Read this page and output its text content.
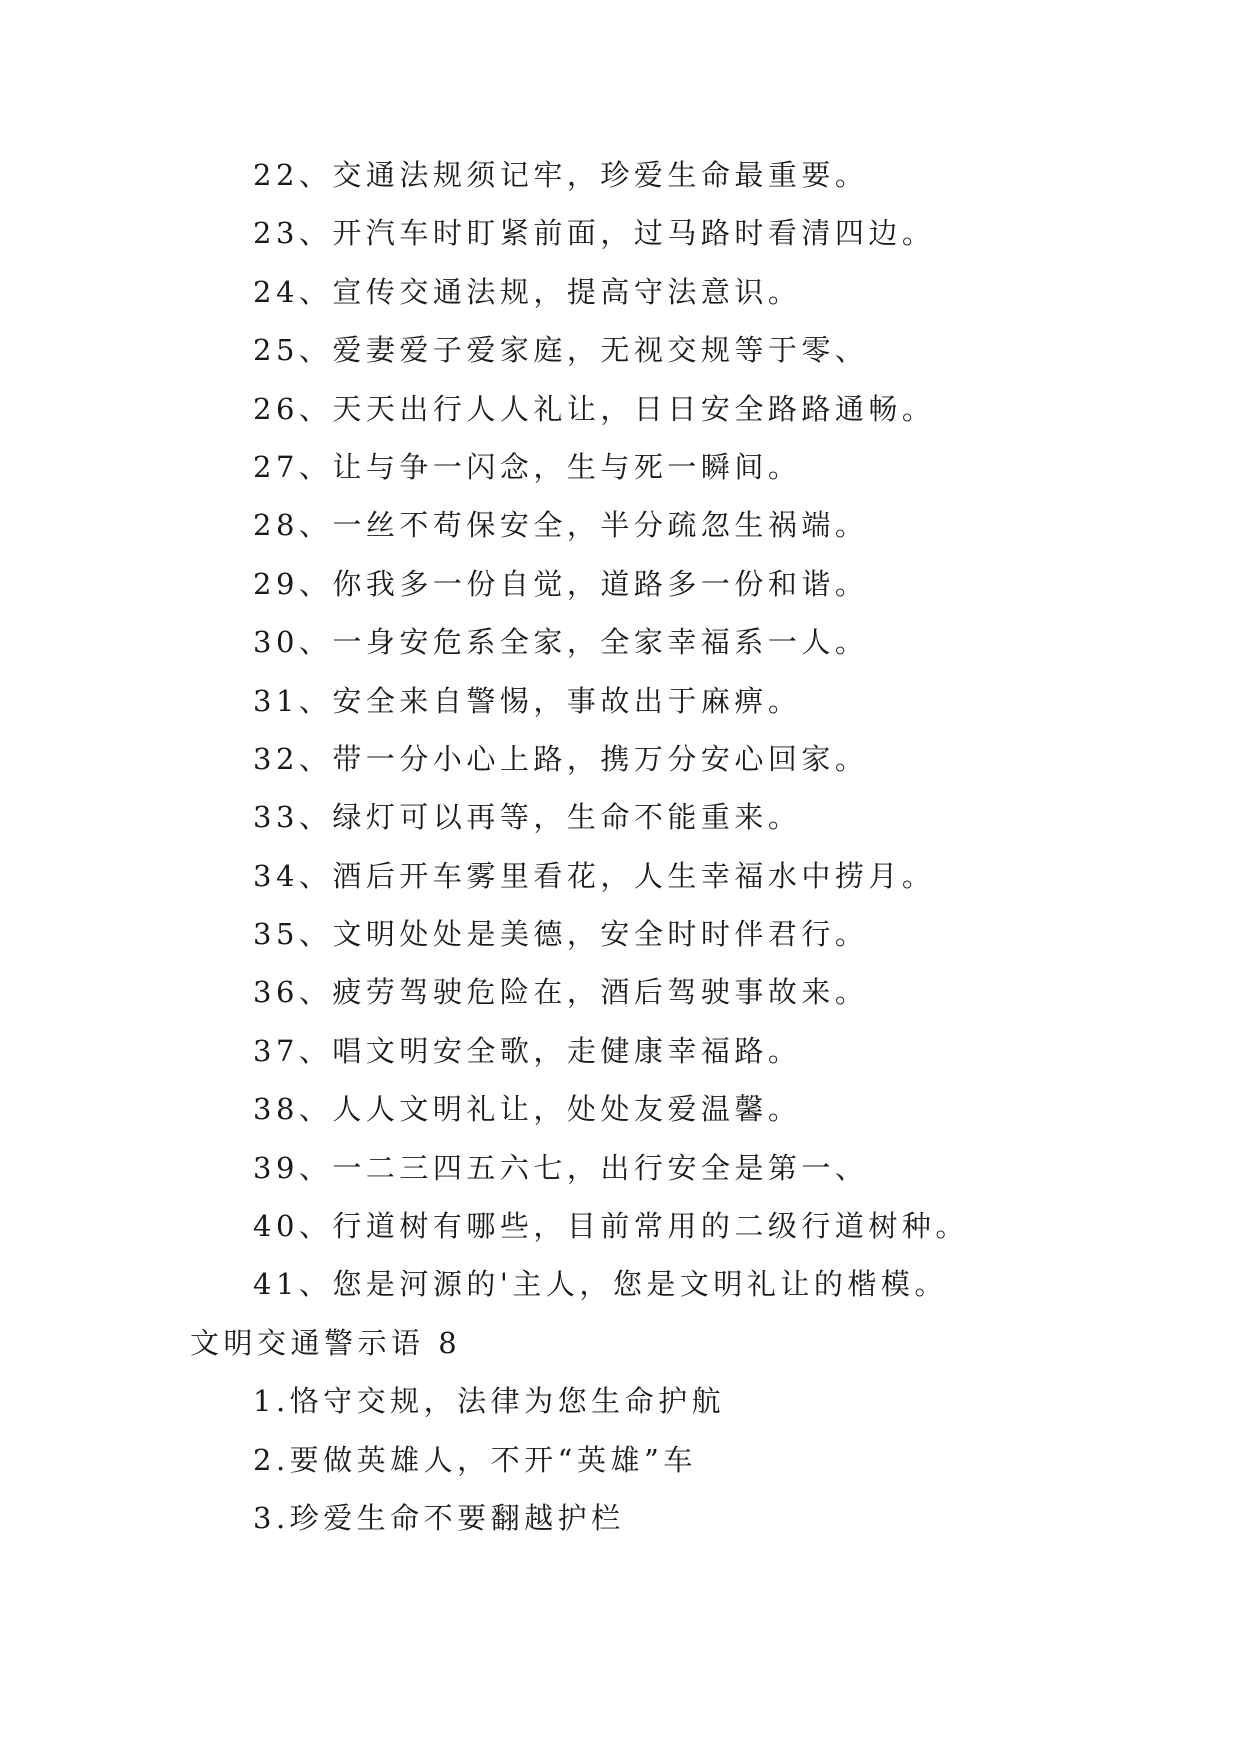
22、交通法规须记牢，珍爱生命最重要。
23、开汽车时盯紧前面，过马路时看清四边。
24、宣传交通法规，提高守法意识。
25、爱妻爱子爱家庭，无视交规等于零、
26、天天出行人人礼让，日日安全路路通畅。
27、让与争一闪念，生与死一瞬间。
28、一丝不苟保安全，半分疏忽生祸端。
29、你我多一份自觉，道路多一份和谐。
30、一身安危系全家，全家幸福系一人。
31、安全来自警惕，事故出于麻痹。
32、带一分小心上路，携万分安心回家。
33、绿灯可以再等，生命不能重来。
34、酒后开车雾里看花，人生幸福水中捞月。
35、文明处处是美德，安全时时伴君行。
36、疲劳驾驶危险在，酒后驾驶事故来。
37、唱文明安全歌，走健康幸福路。
38、人人文明礼让，处处友爱温馨。
39、一二三四五六七，出行安全是第一、
40、行道树有哪些，目前常用的二级行道树种。
41、您是河源的'主人，您是文明礼让的楷模。
文明交通警示语 8
1.恪守交规，法律为您生命护航
2.要做英雄人，不开“英雄”车
3.珍爱生命不要翻越护栏
